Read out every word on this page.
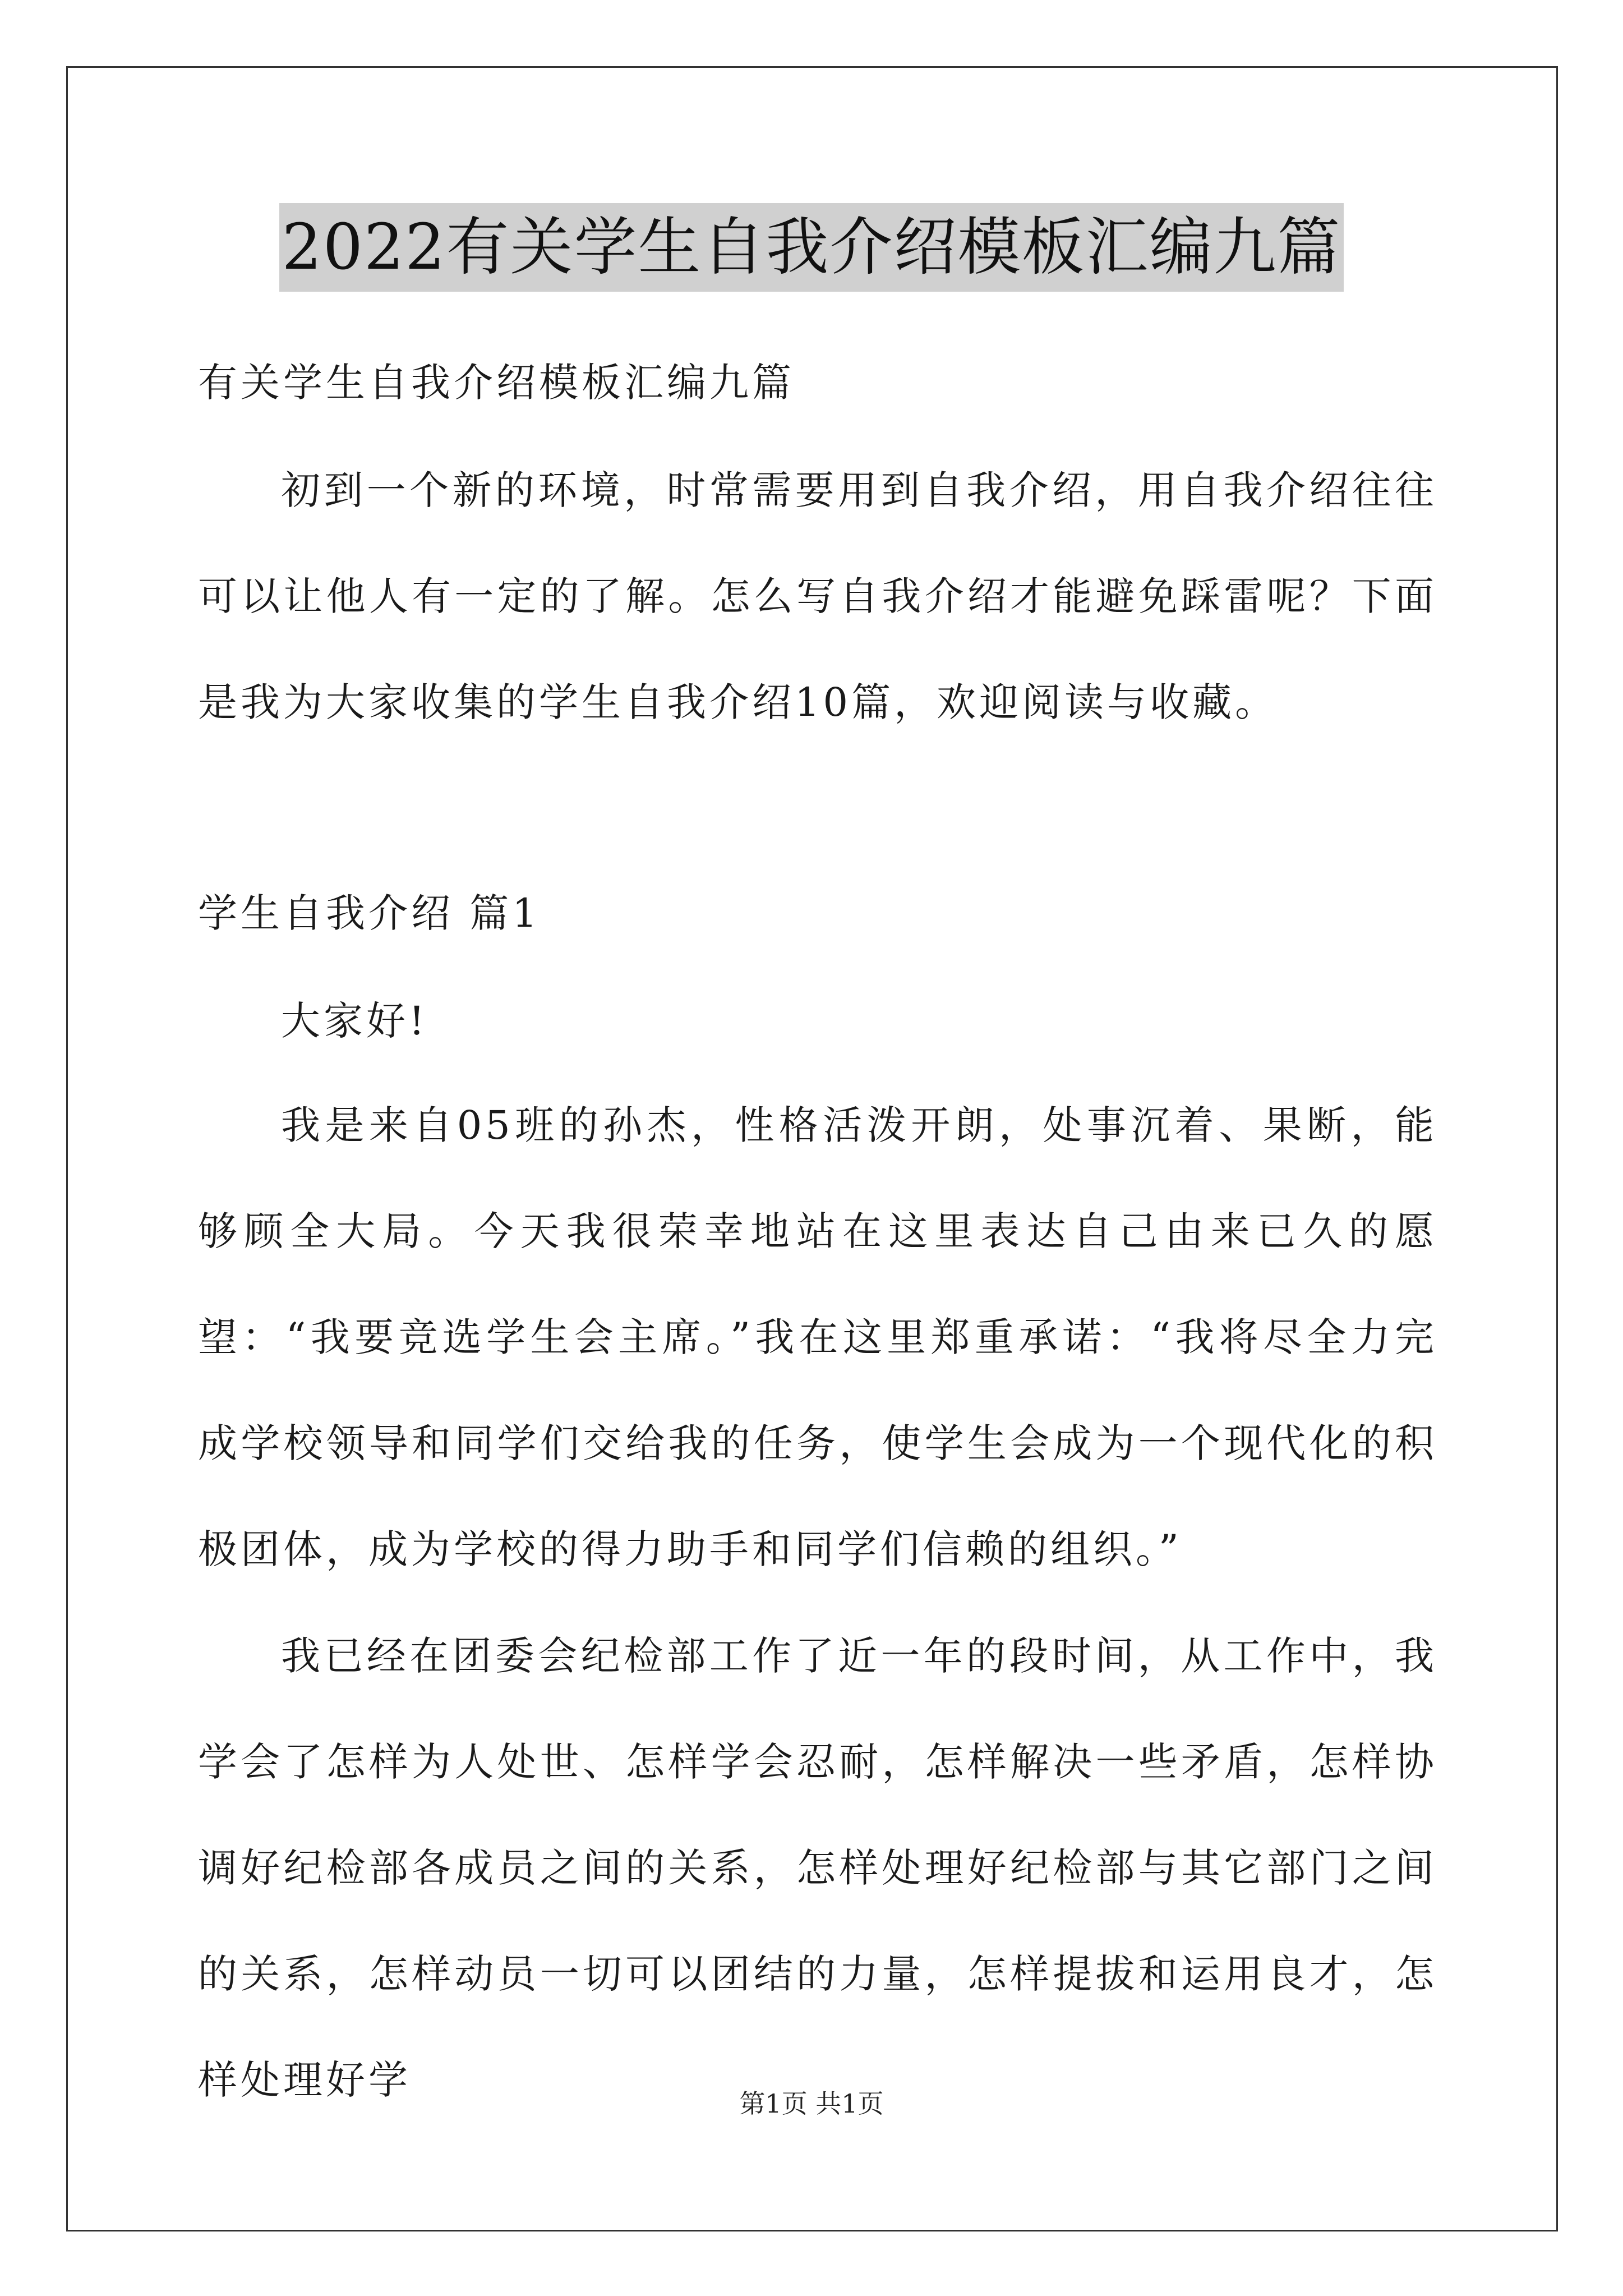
2022有关学生自我介绍模板汇编九篇
有关学生自我介绍模板汇编九篇
初到一个新的环境，时常需要用到自我介绍，用自我介绍往往可以让他人有一定的了解。怎么写自我介绍才能避免踩雷呢？下面是我为大家收集的学生自我介绍10篇，欢迎阅读与收藏。
学生自我介绍 篇1
大家好!
我是来自05班的孙杰，性格活泼开朗，处事沉着、果断，能够顾全大局。今天我很荣幸地站在这里表达自己由来已久的愿望：“我要竞选学生会主席。”我在这里郑重承诺：“我将尽全力完成学校领导和同学们交给我的任务，使学生会成为一个现代化的积极团体，成为学校的得力助手和同学们信赖的组织。”
我已经在团委会纪检部工作了近一年的段时间，从工作中，我学会了怎样为人处世、怎样学会忍耐，怎样解决一些矛盾，怎样协调好纪检部各成员之间的关系，怎样处理好纪检部与其它部门之间的关系，怎样动员一切可以团结的力量，怎样提拔和运用良才，怎样处理好学
第1页 共1页
